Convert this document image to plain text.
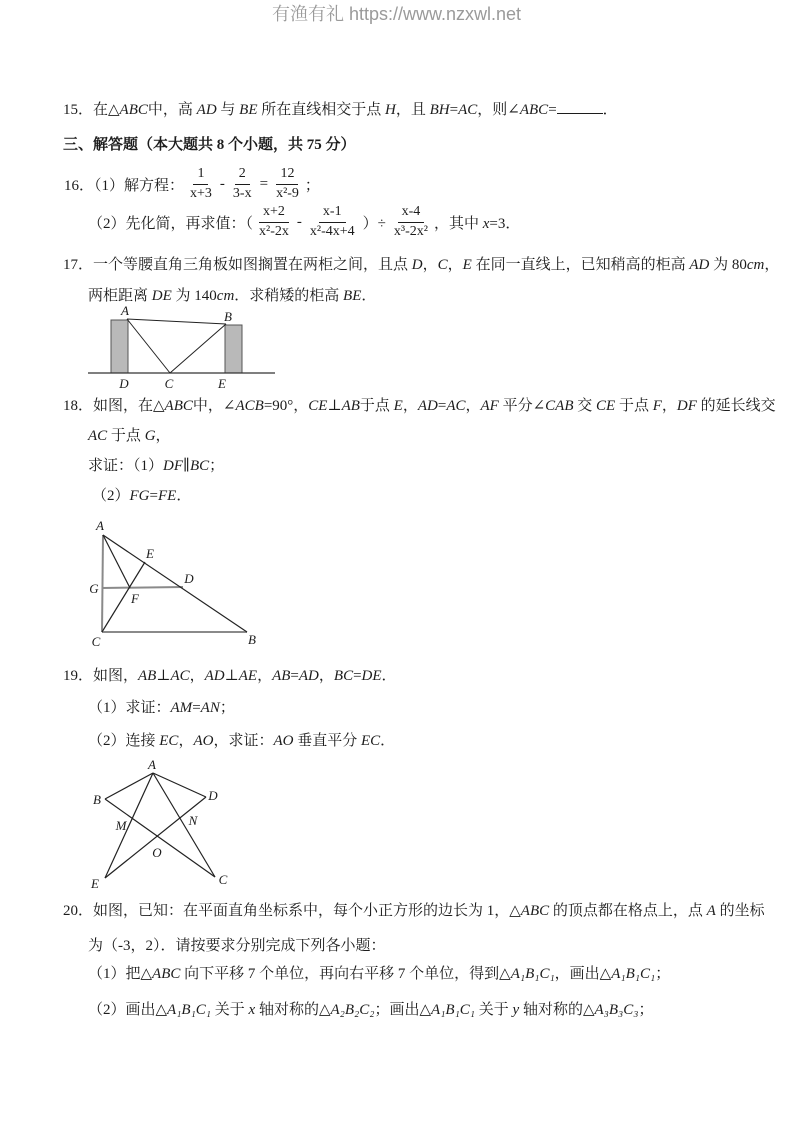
15．在△ABC中，高 AD 与 BE 所在直线相交于点 H，且 BH=AC，则∠ABC=	．
三、解答题（本大题共 8 个小题，共 75 分）
16．（1）解方程： $\frac{1}{x+3} - \frac{2}{3-x} = \frac{12}{\text{x²-9}}$ ；
（2）先化简，再求值：（ $\frac{x+2}{\text{x²-2x}} - \frac{x-1}{\text{x²-4x+4}}$ ）÷ $\frac{x-4}{\text{x³-2x²}}$ ，其中 x=3．
17．一个等腰直角三角板如图搁置在两柜之间，且点 D，C，E 在同一直线上，已知稍高的柜高 AD 为 80cm，
两柜距离 DE 为 140cm．求稍矮的柜高 BE．
A	B
D	C	E
18．如图，在△ABC中，∠ACB=90°，CE⊥AB于点 E，AD=AC，AF 平分∠CAB 交 CE 于点 F，DF 的延长线交
AC 于点 G，
求证：（1）DF∥BC；
（2）FG=FE．
A
E
D
G
F
C	B
19．如图，AB⊥AC，AD⊥AE，AB=AD，BC=DE．
（1）求证：AM=AN；
（2）连接 EC，AO，求证：AO 垂直平分 EC．
A
B	D
M	N
O
E	C
20．如图，已知：在平面直角坐标系中，每个小正方形的边长为 1，△ABC 的顶点都在格点上，点 A 的坐标
为（-3，2）．请按要求分别完成下列各小题：
（1）把△ABC 向下平移 7 个单位，再向右平移 7 个单位，得到△A₁B₁C₁，画出△A₁B₁C₁；
（2）画出△A₁B₁C₁ 关于 x 轴对称的△A₂B₂C₂；画出△A₁B₁C₁ 关于 y 轴对称的△A₃B₃C₃；
有渔有礼 https://www.nzxwl.net
